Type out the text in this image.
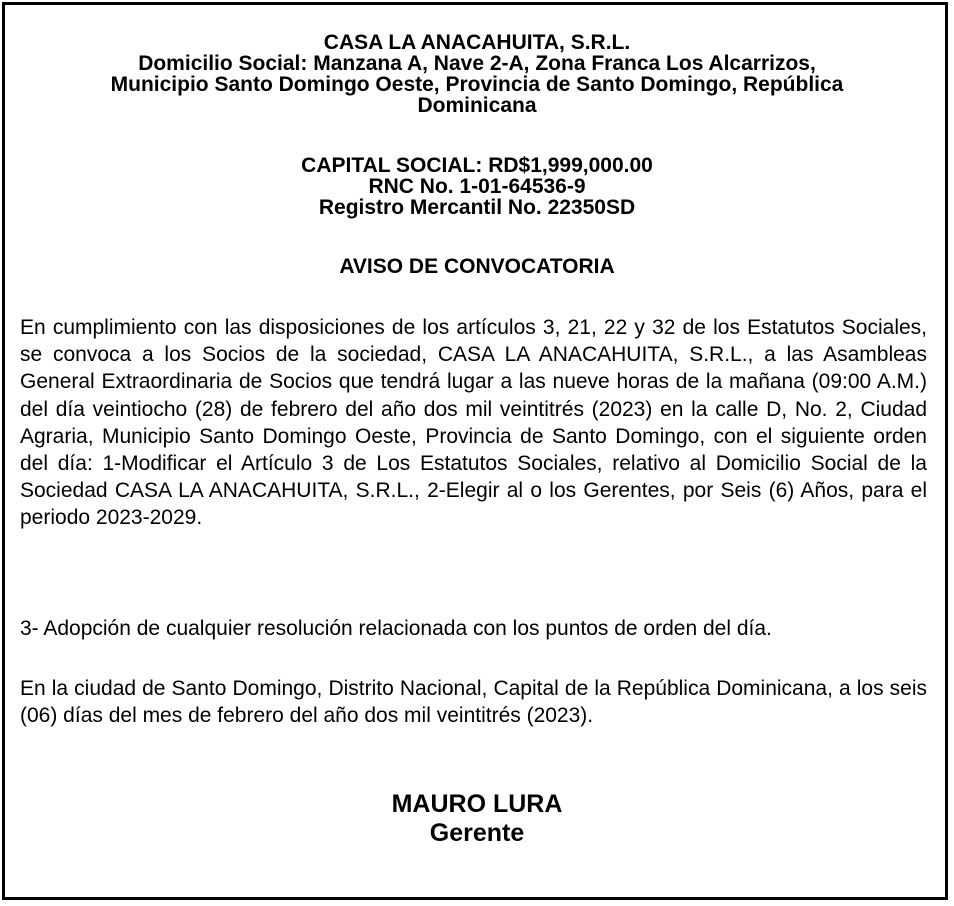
CASA LA ANACAHUITA, S.R.L.
Domicilio Social: Manzana A, Nave 2-A, Zona Franca Los Alcarrizos,
Municipio Santo Domingo Oeste, Provincia de Santo Domingo, República
Dominicana
CAPITAL SOCIAL: RD$1,999,000.00
RNC No. 1-01-64536-9
Registro Mercantil No. 22350SD
AVISO DE CONVOCATORIA
En cumplimiento con las disposiciones de los artículos 3, 21, 22 y 32 de los Estatutos Sociales, se convoca a los Socios de la sociedad, CASA LA ANACAHUITA, S.R.L., a las Asambleas General Extraordinaria de Socios que tendrá lugar a las nueve horas de la mañana (09:00 A.M.) del día veintiocho (28) de febrero del año dos mil veintitrés (2023) en la calle D, No. 2, Ciudad Agraria, Municipio Santo Domingo Oeste, Provincia de Santo Domingo, con el siguiente orden del día: 1-Modificar el Artículo 3 de Los Estatutos Sociales, relativo al Domicilio Social de la Sociedad CASA LA ANACAHUITA, S.R.L., 2-Elegir al o los Gerentes, por Seis (6) Años, para el periodo 2023-2029.
3- Adopción de cualquier resolución relacionada con los puntos de orden del día.
En la ciudad de Santo Domingo, Distrito Nacional, Capital de la República Dominicana, a los seis (06) días del mes de febrero del año dos mil veintitrés (2023).
MAURO LURA
Gerente
